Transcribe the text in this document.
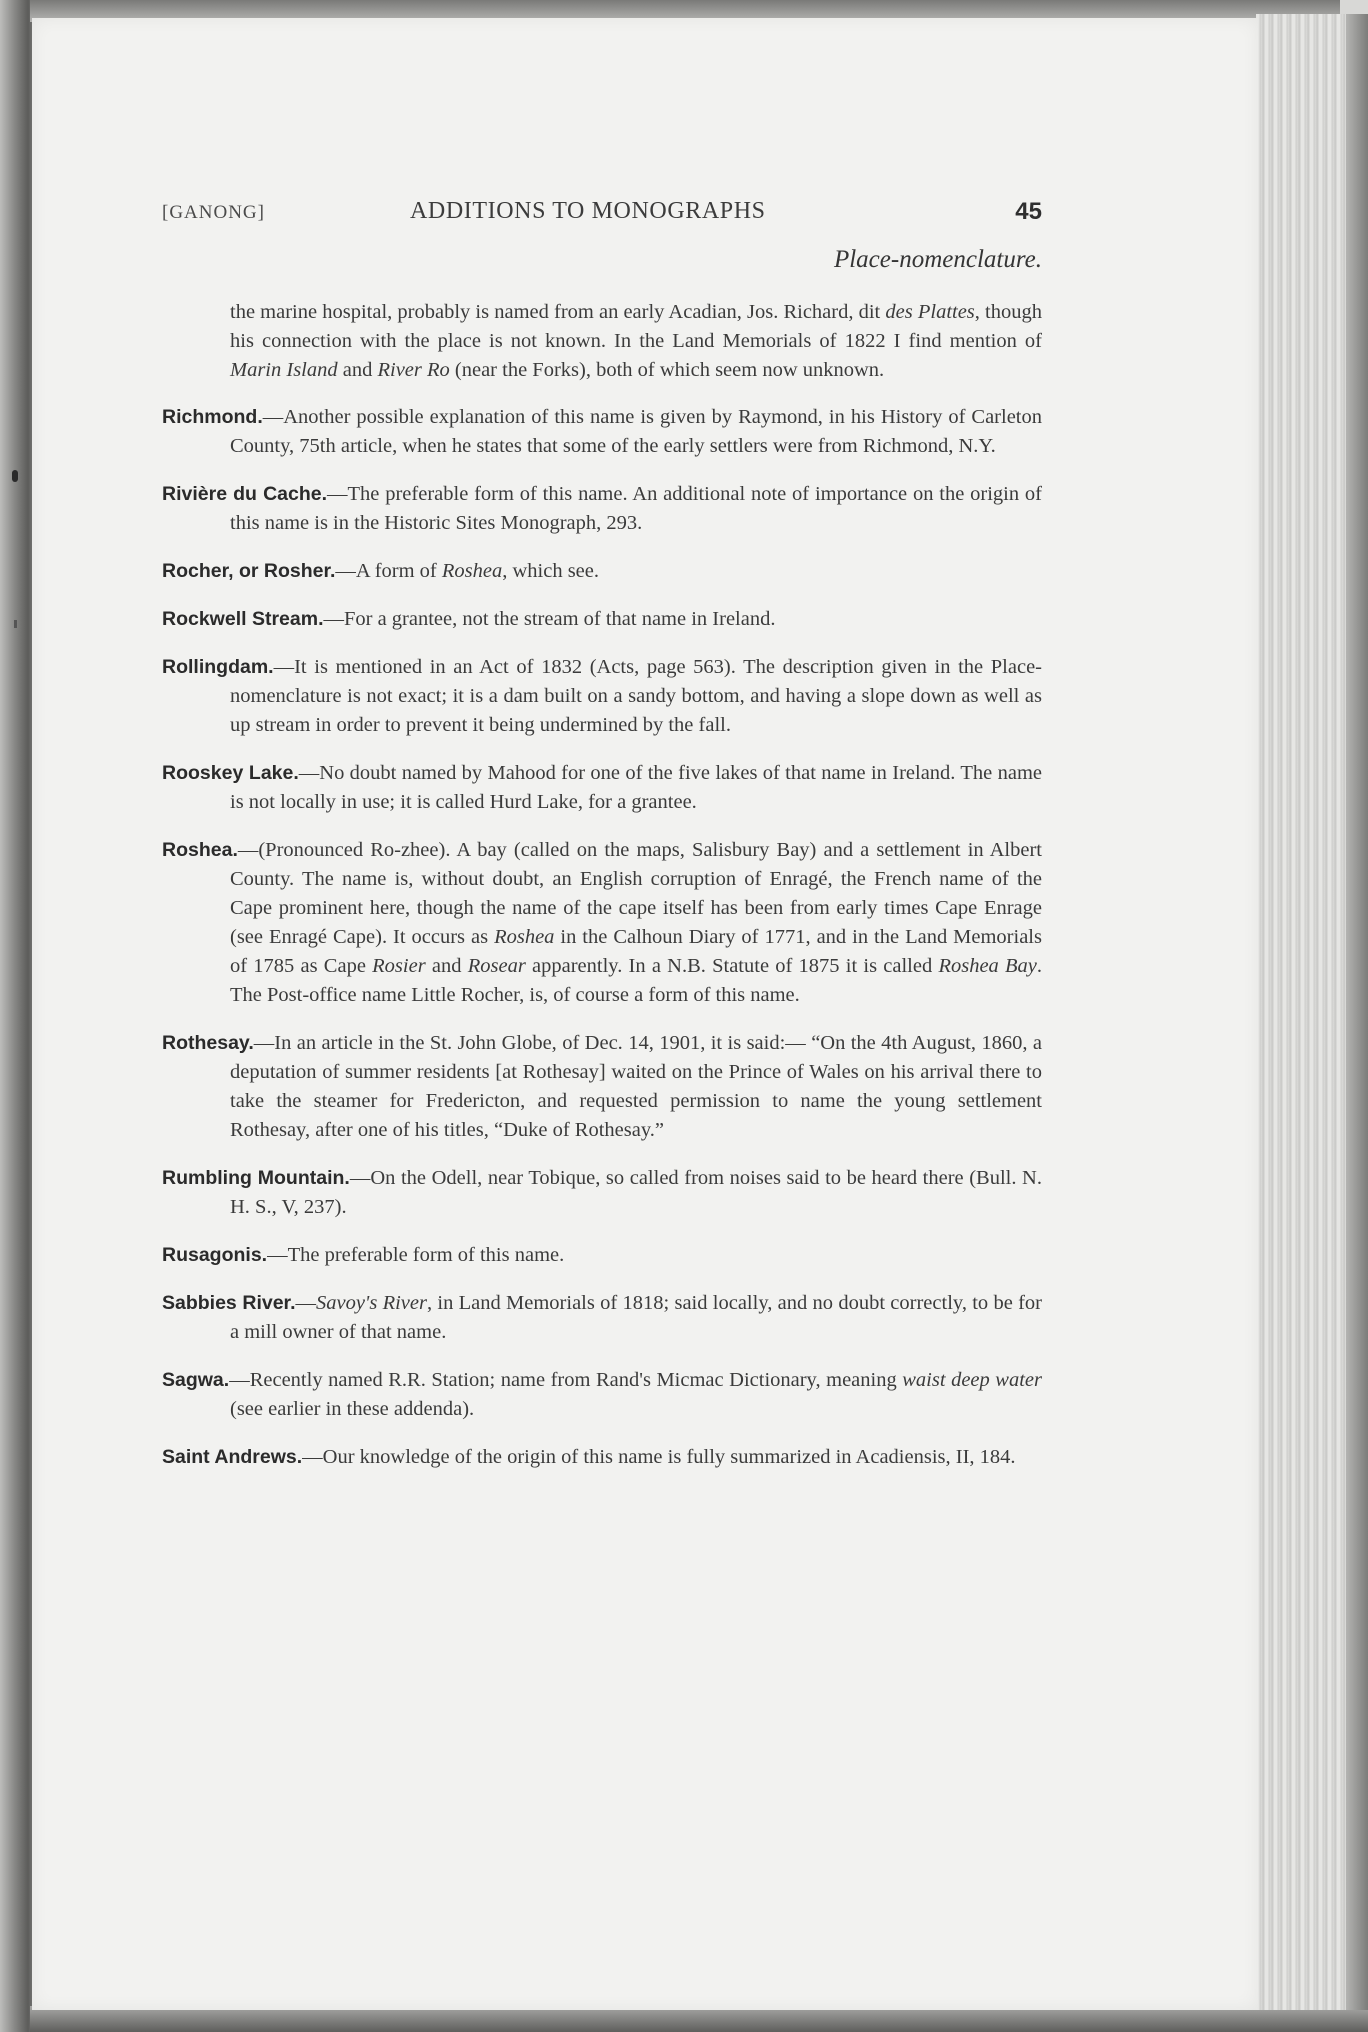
[GANONG]	ADDITIONS TO MONOGRAPHS	45
Place-nomenclature.

the marine hospital, probably is named from an early Acadian, Jos. Richard, dit des Plattes, though his connection with the place is not known. In the Land Memorials of 1822 I find mention of Marin Island and River Ro (near the Forks), both of which seem now unknown.

Richmond.—Another possible explanation of this name is given by Raymond, in his History of Carleton County, 75th article, when he states that some of the early settlers were from Richmond, N.Y.

Rivière du Cache.—The preferable form of this name. An additional note of importance on the origin of this name is in the Historic Sites Monograph, 293.

Rocher, or Rosher.—A form of Roshea, which see.

Rockwell Stream.—For a grantee, not the stream of that name in Ireland.

Rollingdam.—It is mentioned in an Act of 1832 (Acts, page 563). The description given in the Place-nomenclature is not exact; it is a dam built on a sandy bottom, and having a slope down as well as up stream in order to prevent it being undermined by the fall.

Rooskey Lake.—No doubt named by Mahood for one of the five lakes of that name in Ireland. The name is not locally in use; it is called Hurd Lake, for a grantee.

Roshea.—(Pronounced Ro-zhee). A bay (called on the maps, Salisbury Bay) and a settlement in Albert County. The name is, without doubt, an English corruption of Enragé, the French name of the Cape prominent here, though the name of the cape itself has been from early times Cape Enrage (see Enragé Cape). It occurs as Roshea in the Calhoun Diary of 1771, and in the Land Memorials of 1785 as Cape Rosier and Rosear apparently. In a N.B. Statute of 1875 it is called Roshea Bay. The Post-office name Little Rocher, is, of course a form of this name.

Rothesay.—In an article in the St. John Globe, of Dec. 14, 1901, it is said:— “On the 4th August, 1860, a deputation of summer residents [at Rothesay] waited on the Prince of Wales on his arrival there to take the steamer for Fredericton, and requested permission to name the young settlement Rothesay, after one of his titles, “Duke of Rothesay.”

Rumbling Mountain.—On the Odell, near Tobique, so called from noises said to be heard there (Bull. N. H. S., V, 237).

Rusagonis.—The preferable form of this name.

Sabbies River.—Savoy's River, in Land Memorials of 1818; said locally, and no doubt correctly, to be for a mill owner of that name.

Sagwa.—Recently named R.R. Station; name from Rand's Micmac Dictionary, meaning waist deep water (see earlier in these addenda).

Saint Andrews.—Our knowledge of the origin of this name is fully summarized in Acadiensis, II, 184.
